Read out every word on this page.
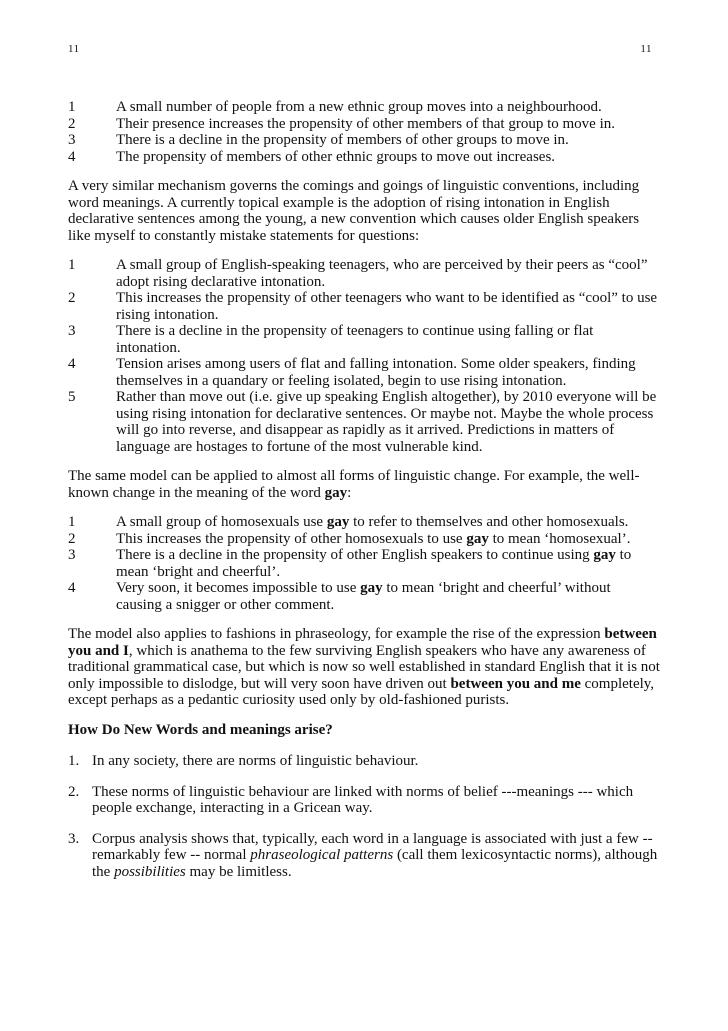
11	11
1	A small number of people from a new ethnic group moves into a neighbourhood.
2	Their presence increases the propensity of other members of that group to move in.
3	There is a decline in the propensity of members of other groups to move in.
4	The propensity of members of other ethnic groups to move out increases.

A very similar mechanism governs the comings and goings of linguistic conventions, including word meanings. A currently topical example is the adoption of rising intonation in English declarative sentences among the young, a new convention which causes older English speakers like myself to constantly mistake statements for questions:

1	A small group of English-speaking teenagers, who are perceived by their peers as “cool” adopt rising declarative intonation.
2	This increases the propensity of other teenagers who want to be identified as “cool” to use rising intonation.
3	There is a decline in the propensity of teenagers to continue using falling or flat intonation.
4	Tension arises among users of flat and falling intonation. Some older speakers, finding themselves in a quandary or feeling isolated, begin to use rising intonation.
5	Rather than move out (i.e. give up speaking English altogether), by 2010 everyone will be using rising intonation for declarative sentences. Or maybe not. Maybe the whole process will go into reverse, and disappear as rapidly as it arrived. Predictions in matters of language are hostages to fortune of the most vulnerable kind.

The same model can be applied to almost all forms of linguistic change. For example, the well-known change in the meaning of the word gay:

1	A small group of homosexuals use gay to refer to themselves and other homosexuals.
2	This increases the propensity of other homosexuals to use gay to mean ‘homosexual’.
3	There is a decline in the propensity of other English speakers to continue using gay to mean ‘bright and cheerful’.
4	Very soon, it becomes impossible to use gay to mean ‘bright and cheerful’ without causing a snigger or other comment.

The model also applies to fashions in phraseology, for example the rise of the expression between you and I, which is anathema to the few surviving English speakers who have any awareness of traditional grammatical case, but which is now so well established in standard English that it is not only impossible to dislodge, but will very soon have driven out between you and me completely, except perhaps as a pedantic curiosity used only by old-fashioned purists.

How Do New Words and meanings arise?

1. In any society, there are norms of linguistic behaviour.
2. These norms of linguistic behaviour are linked with norms of belief ---meanings --- which people exchange, interacting in a Gricean way.
3. Corpus analysis shows that, typically, each word in a language is associated with just a few -- remarkably few -- normal phraseological patterns (call them lexicosyntactic norms), although the possibilities may be limitless.
